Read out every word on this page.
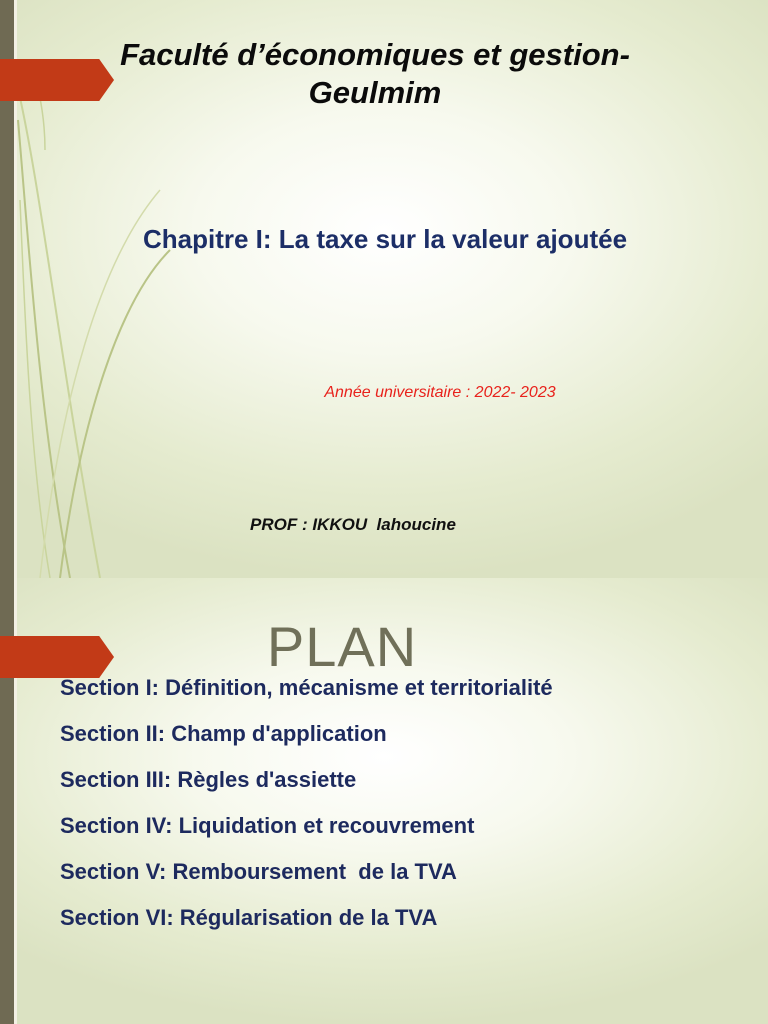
Faculté d’économiques et gestion-
Geulmim
Chapitre I: La taxe sur la valeur ajoutée
Année universitaire : 2022- 2023
PROF : IKKOU  lahoucine
PLAN
Section I: Définition, mécanisme et territorialité
Section II: Champ d'application
Section III: Règles d'assiette
Section IV: Liquidation et recouvrement
Section V: Remboursement  de la TVA
Section VI: Régularisation de la TVA
